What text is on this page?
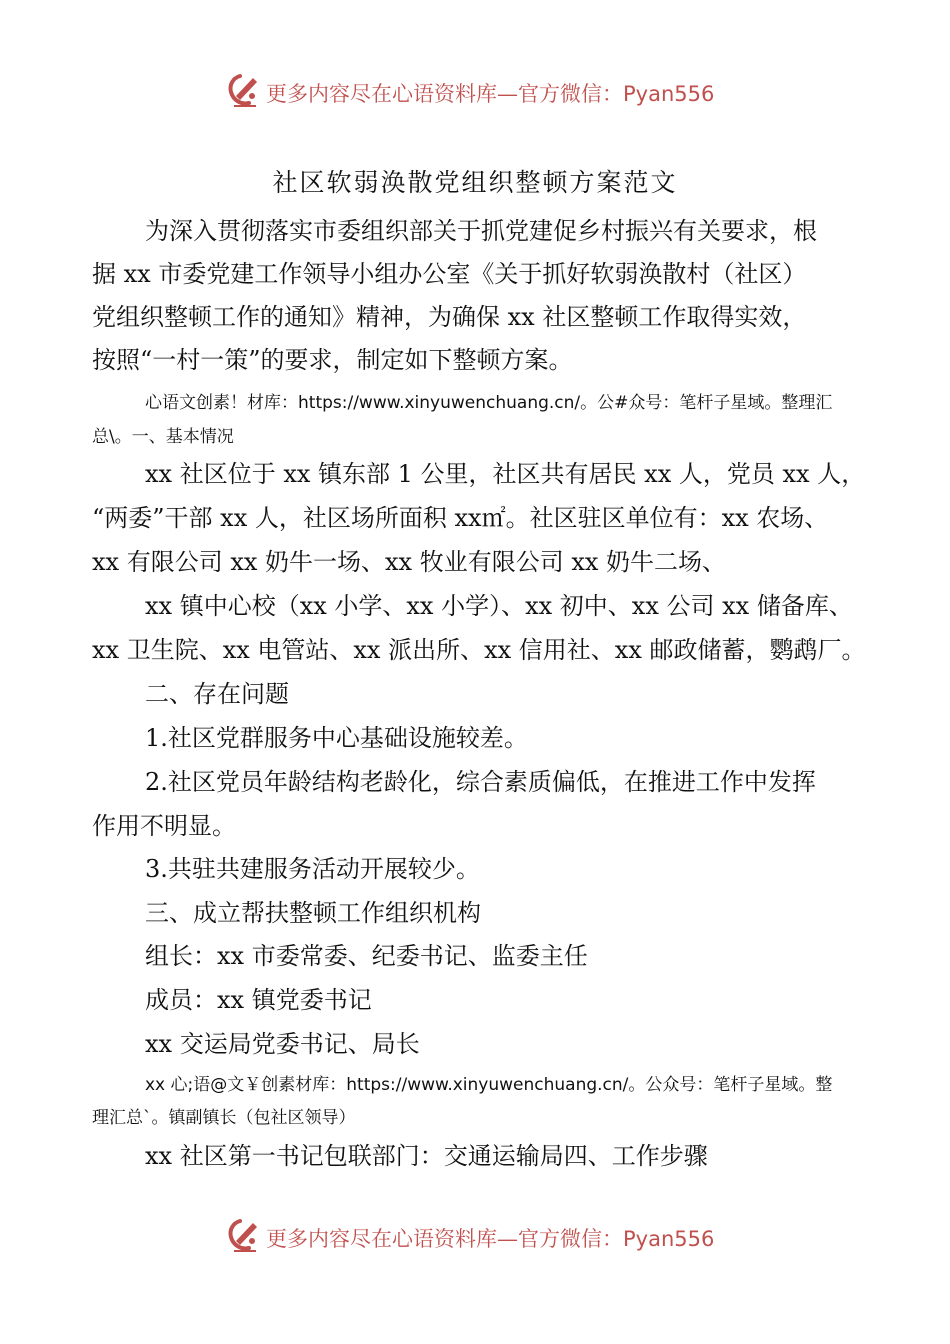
更多内容尽在心语资料库—官方微信：Pyan556
社区软弱涣散党组织整顿方案范文
为深入贯彻落实市委组织部关于抓党建促乡村振兴有关要求，根
据 xx 市委党建工作领导小组办公室《关于抓好软弱涣散村（社区）
党组织整顿工作的通知》精神，为确保 xx 社区整顿工作取得实效，
按照“一村一策”的要求，制定如下整顿方案。
心语文创素！材库：https://www.xinyuwenchuang.cn/。公#众号：笔杆子星域。整理汇
总\。一、基本情况
xx 社区位于 xx 镇东部 1 公里，社区共有居民 xx 人，党员 xx 人，
“两委”干部 xx 人，社区场所面积 xx㎡。社区驻区单位有：xx 农场、
xx 有限公司 xx 奶牛一场、xx 牧业有限公司 xx 奶牛二场、
xx 镇中心校（xx 小学、xx 小学）、xx 初中、xx 公司 xx 储备库、
xx 卫生院、xx 电管站、xx 派出所、xx 信用社、xx 邮政储蓄，鹦鹉厂。
二、存在问题
1.社区党群服务中心基础设施较差。
2.社区党员年龄结构老龄化，综合素质偏低，在推进工作中发挥
作用不明显。
3.共驻共建服务活动开展较少。
三、成立帮扶整顿工作组织机构
组长：xx 市委常委、纪委书记、监委主任
成员：xx 镇党委书记
xx 交运局党委书记、局长
xx 心;语@文￥创素材库：https://www.xinyuwenchuang.cn/。公众号：笔杆子星域。整
理汇总`。镇副镇长（包社区领导）
xx 社区第一书记包联部门：交通运输局四、工作步骤
更多内容尽在心语资料库—官方微信：Pyan556
